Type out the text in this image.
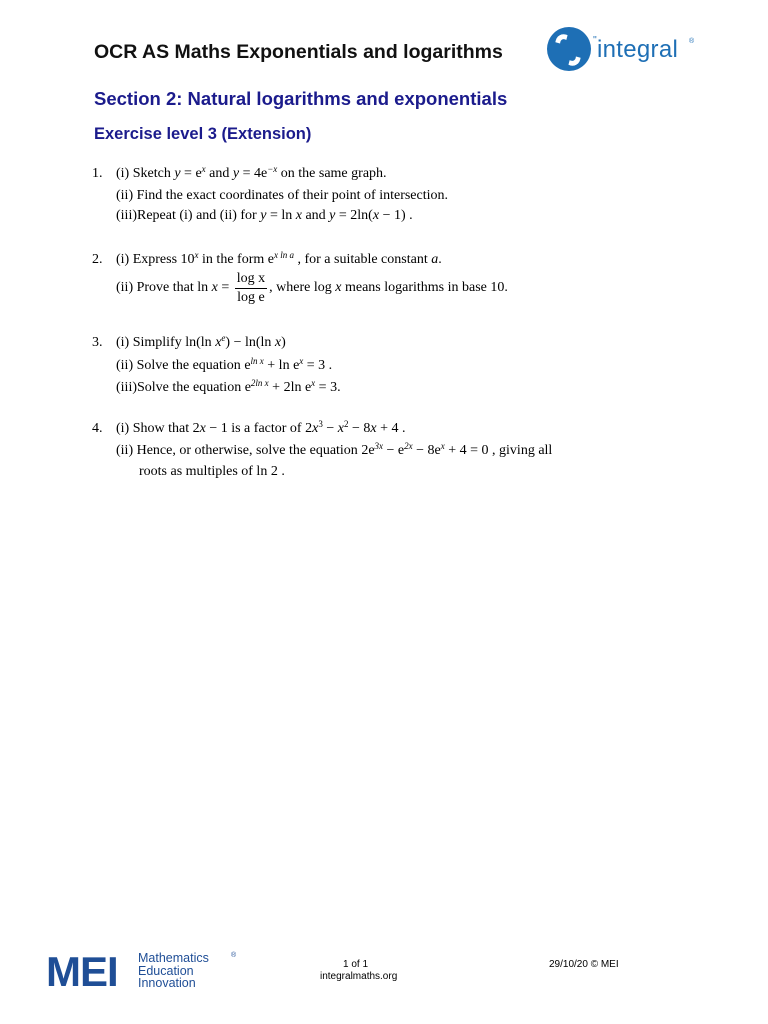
OCR AS Maths Exponentials and logarithms
'' integral ®
Section 2: Natural logarithms and exponentials
Exercise level 3 (Extension)
1. (i) Sketch $y = e^x$ and $y = 4e^{-x}$ on the same graph.
(ii) Find the exact coordinates of their point of intersection.
(iii)Repeat (i) and (ii) for y = ln x and y = 2ln(x − 1) .
2. (i) Express 10$^x$ in the form $e^{x ln a}$ , for a suitable constant a.
(ii) Prove that $\ln x = \frac{\text{log x}}{\text{log e}}$ , where log x means logarithms in base 10.
3. (i) Simplify ln(ln $x^e) - \ln(\ln$ x)
(ii) Solve the equation $e^{ln x} + \ln e^x = 3$ .
(iii)Solve the equation $e^{2ln x} + 2\ln$ $e^x = 3$.
4. (i) Show that 2x − 1 is a factor of $2x^3 - x^2 - 8x + 4$ .
(ii) Hence, or otherwise, solve the equation $2e^{3x} - e^{2x} - 8e^x + 4 = 0$ , giving all
roots as multiples of ln 2 .
MEI Mathematics
Education
Innovation
®
1 of 1
integralmaths.org
29/10/20 © MEI
